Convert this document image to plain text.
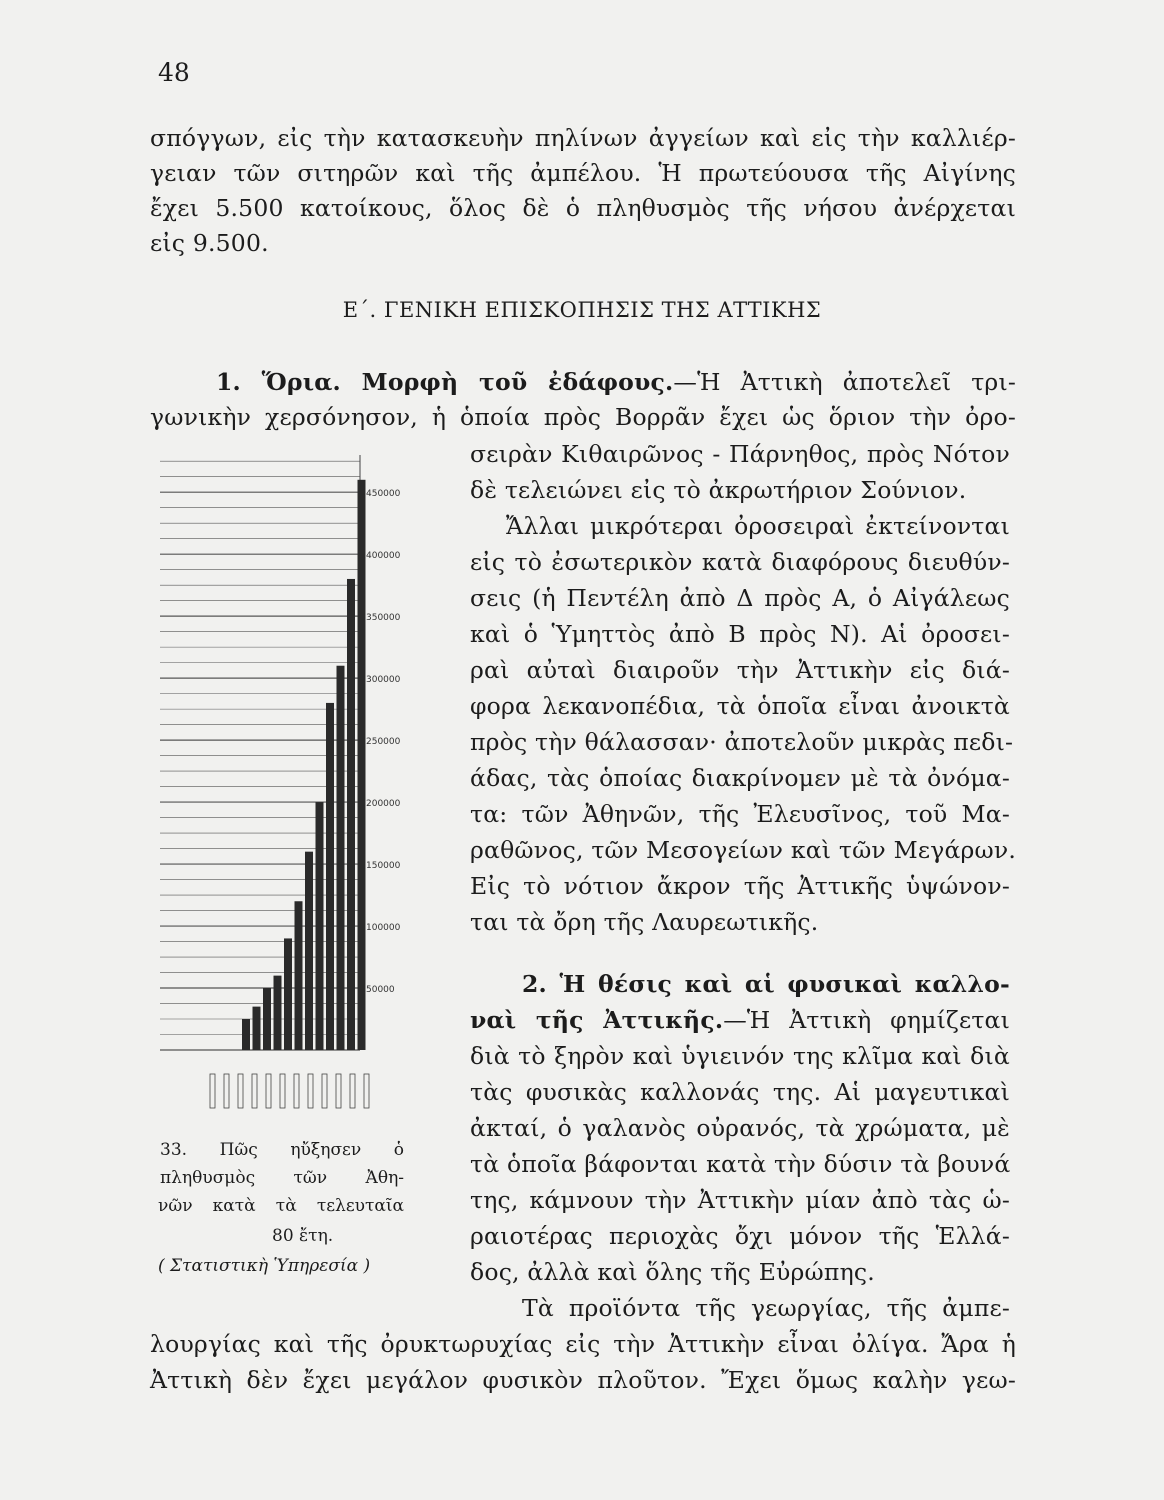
48
σπόγγων, εἰς τὴν κατασκευὴν πηλίνων ἀγγείων καὶ εἰς τὴν καλλιέρ-
γειαν τῶν σιτηρῶν καὶ τῆς ἀμπέλου. Ἡ πρωτεύουσα τῆς Αἰγίνης
ἔχει 5.500 κατοίκους, ὅλος δὲ ὁ πληθυσμὸς τῆς νήσου ἀνέρχεται
εἰς 9.500.
Ε΄. ΓΕΝΙΚΗ ΕΠΙΣΚΟΠΗΣΙΣ ΤΗΣ ΑΤΤΙΚΗΣ
1. Ὅρια. Μορφὴ τοῦ ἐδάφους.—Ἡ Ἀττικὴ ἀποτελεῖ τρι-
γωνικὴν χερσόνησον, ἡ ὁποία πρὸς Βορρᾶν ἔχει ὡς ὅριον τὴν ὀρο-
σειρὰν Κιθαιρῶνος - Πάρνηθος, πρὸς Νότον
δὲ τελειώνει εἰς τὸ ἀκρωτήριον Σούνιον.
Ἄλλαι μικρότεραι ὀροσειραὶ ἐκτείνονται
εἰς τὸ ἐσωτερικὸν κατὰ διαφόρους διευθύν-
σεις (ἡ Πεντέλη ἀπὸ Δ πρὸς Α, ὁ Αἰγάλεως
καὶ ὁ Ὑμηττὸς ἀπὸ Β πρὸς Ν). Αἱ ὀροσει-
ραὶ αὐταὶ διαιροῦν τὴν Ἀττικὴν εἰς διά-
φορα λεκανοπέδια, τὰ ὁποῖα εἶναι ἀνοικτὰ
πρὸς τὴν θάλασσαν· ἀποτελοῦν μικρὰς πεδι-
άδας, τὰς ὁποίας διακρίνομεν μὲ τὰ ὀνόμα-
τα: τῶν Ἀθηνῶν, τῆς Ἐλευσῖνος, τοῦ Μα-
ραθῶνος, τῶν Μεσογείων καὶ τῶν Μεγάρων.
Εἰς τὸ νότιον ἄκρον τῆς Ἀττικῆς ὑψώνον-
ται τὰ ὄρη τῆς Λαυρεωτικῆς.
2. Ἡ θέσις καὶ αἱ φυσικαὶ καλλο-
ναὶ τῆς Ἀττικῆς.—Ἡ Ἀττικὴ φημίζεται
διὰ τὸ ξηρὸν καὶ ὑγιεινόν της κλῖμα καὶ διὰ
τὰς φυσικὰς καλλονάς της. Αἱ μαγευτικαὶ
ἀκταί, ὁ γαλανὸς οὐρανός, τὰ χρώματα, μὲ
τὰ ὁποῖα βάφονται κατὰ τὴν δύσιν τὰ βουνά
της, κάμνουν τὴν Ἀττικὴν μίαν ἀπὸ τὰς ὡ-
ραιοτέρας περιοχὰς ὄχι μόνον τῆς Ἑλλά-
δος, ἀλλὰ καὶ ὅλης τῆς Εὐρώπης.
Τὰ προϊόντα τῆς γεωργίας, τῆς ἀμπε-
λουργίας καὶ τῆς ὀρυκτωρυχίας εἰς τὴν Ἀττικὴν εἶναι ὀλίγα. Ἄρα ἡ
Ἀττικὴ δὲν ἔχει μεγάλον φυσικὸν πλοῦτον. Ἔχει ὅμως καλὴν γεω-
33. Πῶς ηὔξησεν ὁ
πληθυσμὸς τῶν Ἀθη-
νῶν κατὰ τὰ τελευταῖα
80 ἔτη.
( Στατιστικὴ Ὑπηρεσία )
50000
100000
150000
200000
250000
300000
350000
400000
450000
